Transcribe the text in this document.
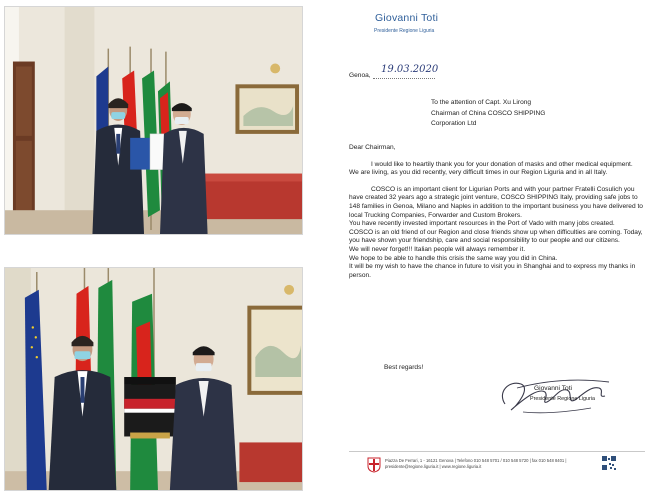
Giovanni Toti
Presidente Regione Liguria
Genoa,
19.03.2020
To the attention of Capt. Xu Lirong
Chairman of China COSCO SHIPPING
Corporation Ltd

Dear Chairman,

I would like to heartily thank you for your donation of masks and other medical equipment.

We are living, as you did recently, very difficult times in our Region Liguria and in all Italy.

COSCO is an important client for Ligurian Ports and with your partner Fratelli Cosulich you have created 32 years ago a strategic joint venture, COSCO SHIPPING Italy, providing safe jobs to 148 families in Genoa, Milano and Naples in addition to the important business you have delivered to local Trucking Companies, Forwarder and Custom Brokers.

You have recently invested important resources in the Port of Vado with many jobs created.

COSCO is an old friend of our Region and close friends show up when difficulties are coming. Today, you have shown your friendship, care and social responsibility to our people and our citizens.

We will never forget!!! Italian people will always remember it.

We hope to be able to handle this crisis the same way you did in China.

It will be my wish to have the chance in future to visit you in Shanghai and to express my thanks in person.

Best regards!
Giovanni Toti
Presidente Regione Liguria
Piazza De Ferrari, 1 - 16121 Genova | Telefono 010 548 5701 / 010 548 5720 | fax 010 548 8401 | presidente@regione.liguria.it | www.regione.liguria.it
